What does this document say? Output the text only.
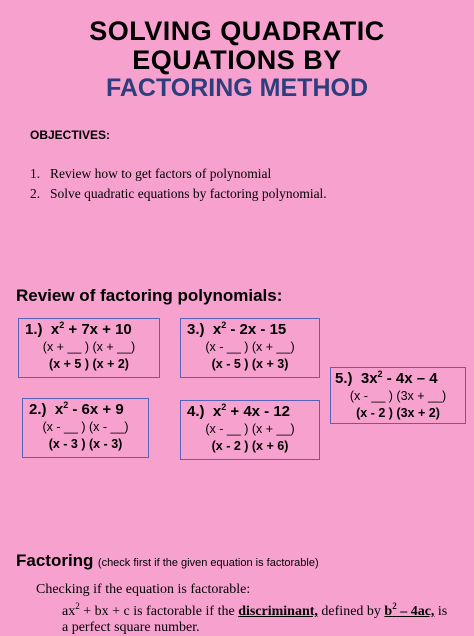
SOLVING QUADRATIC
EQUATIONS BY
FACTORING METHOD
OBJECTIVES:
1. Review how to get factors of polynomial
2. Solve quadratic equations by factoring polynomial.
Review of factoring polynomials:
1.) $x^2 + 7x + 10$
(x + __ ) (x + __)
(x + 5 ) (x + 2)
3.) $x^2 - 2x - 15$
(x - __ ) (x + __)
(x - 5 ) (x + 3)
5.) $3x^2 - 4x - 4$
(x - __ ) (3x + __)
(x - 2 ) (3x + 2)
2.) $x^2 - 6x + 9$
(x - __ ) (x - __)
(x - 3 ) (x - 3)
4.) $x^2 + 4x - 12$
(x - __ ) (x + __)
(x - 2 ) (x + 6)
Factoring (check first if the given equation is factorable)
Checking if the equation is factorable:
$ax^2$ + bx + c is factorable if the discriminant, defined by $b^2 - 4ac$, is
a perfect square number.
